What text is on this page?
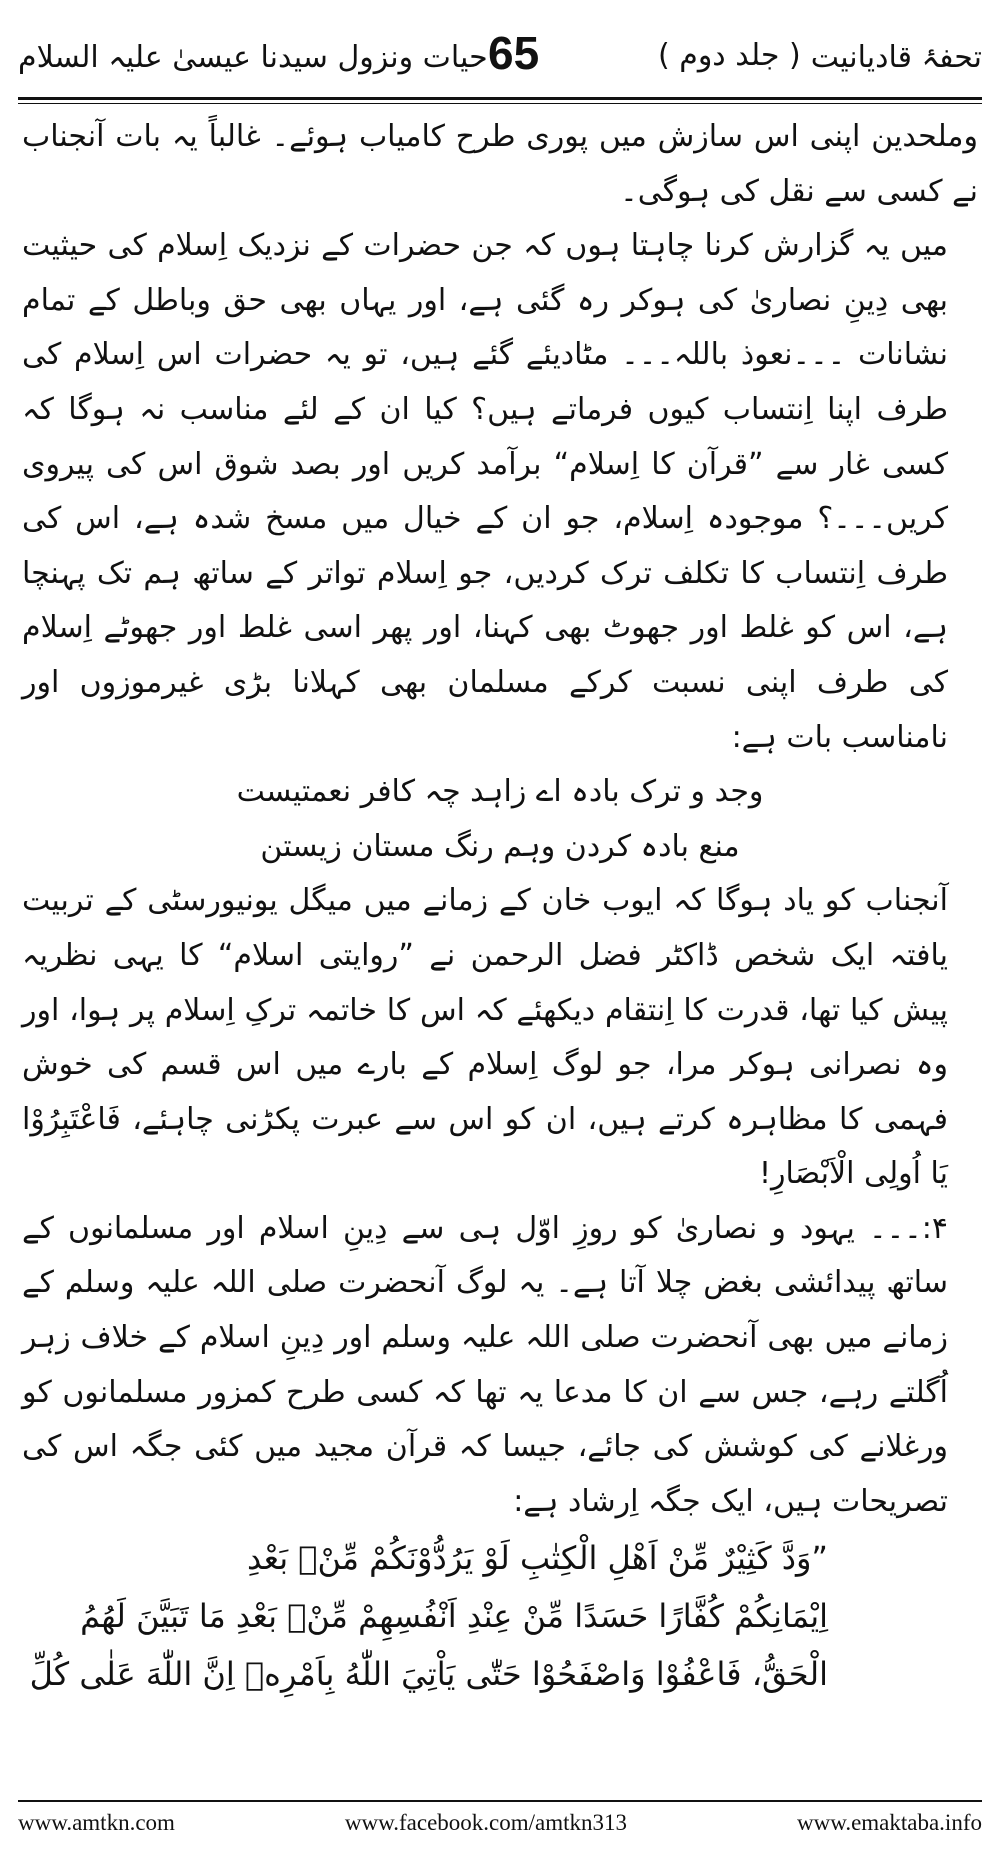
حیات ونزول سیدنا عیسیٰ علیہ السلام 65	( جلد دوم ) تحفۂ قادیانیت

وملحدین اپنی اس سازش میں پوری طرح کامیاب ہوئے۔ غالباً یہ بات آنجناب نے کسی سے نقل کی ہوگی۔

میں یہ گزارش کرنا چاہتا ہوں کہ جن حضرات کے نزدیک اِسلام کی حیثیت بھی دِینِ نصاریٰ کی ہوکر رہ گئی ہے، اور یہاں بھی حق وباطل کے تمام نشانات ۔۔۔نعوذ باللہ۔۔۔ مٹادیئے گئے ہیں، تو یہ حضرات اس اِسلام کی طرف اپنا اِنتساب کیوں فرماتے ہیں؟ کیا ان کے لئے مناسب نہ ہوگا کہ کسی غار سے ”قرآن کا اِسلام“ برآمد کریں اور بصد شوق اس کی پیروی کریں۔۔۔؟ موجودہ اِسلام، جو ان کے خیال میں مسخ شدہ ہے، اس کی طرف اِنتساب کا تکلف ترک کردیں، جو اِسلام تواتر کے ساتھ ہم تک پہنچا ہے، اس کو غلط اور جھوٹ بھی کہنا، اور پھر اسی غلط اور جھوٹے اِسلام کی طرف اپنی نسبت کرکے مسلمان بھی کہلانا بڑی غیرموزوں اور نامناسب بات ہے:

وجد و ترک بادہ اے زاہد چہ کافر نعمتیست

منع بادہ کردن وہم رنگ مستان زیستن

آنجناب کو یاد ہوگا کہ ایوب خان کے زمانے میں میگل یونیورسٹی کے تربیت یافتہ ایک شخص ڈاکٹر فضل الرحمن نے ”روایتی اسلام“ کا یہی نظریہ پیش کیا تھا، قدرت کا اِنتقام دیکھئے کہ اس کا خاتمہ ترکِ اِسلام پر ہوا، اور وہ نصرانی ہوکر مرا، جو لوگ اِسلام کے بارے میں اس قسم کی خوش فہمی کا مظاہرہ کرتے ہیں، ان کو اس سے عبرت پکڑنی چاہئے، فَاعْتَبِرُوْا یَا اُولِی الْاَبْصَارِ!

۴:۔۔۔ یہود و نصاریٰ کو روزِ اوّل ہی سے دِینِ اسلام اور مسلمانوں کے ساتھ پیدائشی بغض چلا آتا ہے۔ یہ لوگ آنحضرت صلی اللہ علیہ وسلم کے زمانے میں بھی آنحضرت صلی اللہ علیہ وسلم اور دِینِ اسلام کے خلاف زہر اُگلتے رہے، جس سے ان کا مدعا یہ تھا کہ کسی طرح کمزور مسلمانوں کو ورغلانے کی کوشش کی جائے، جیسا کہ قرآن مجید میں کئی جگہ اس کی تصریحات ہیں، ایک جگہ اِرشاد ہے:

”وَدَّ كَثِيْرٌ مِّنْ اَهْلِ الْكِتٰبِ لَوْ يَرُدُّوْنَكُمْ مِّنْۢ بَعْدِ

اِيْمَانِكُمْ كُفَّارًا حَسَدًا مِّنْ عِنْدِ اَنْفُسِهِمْ مِّنْۢ بَعْدِ مَا تَبَيَّنَ لَهُمُ

الْحَقُّ، فَاعْفُوْا وَاصْفَحُوْا حَتّٰى يَاْتِيَ اللّٰهُ بِاَمْرِهٖ اِنَّ اللّٰهَ عَلٰى كُلِّ

www.amtkn.com	www.facebook.com/amtkn313	www.emaktaba.info
